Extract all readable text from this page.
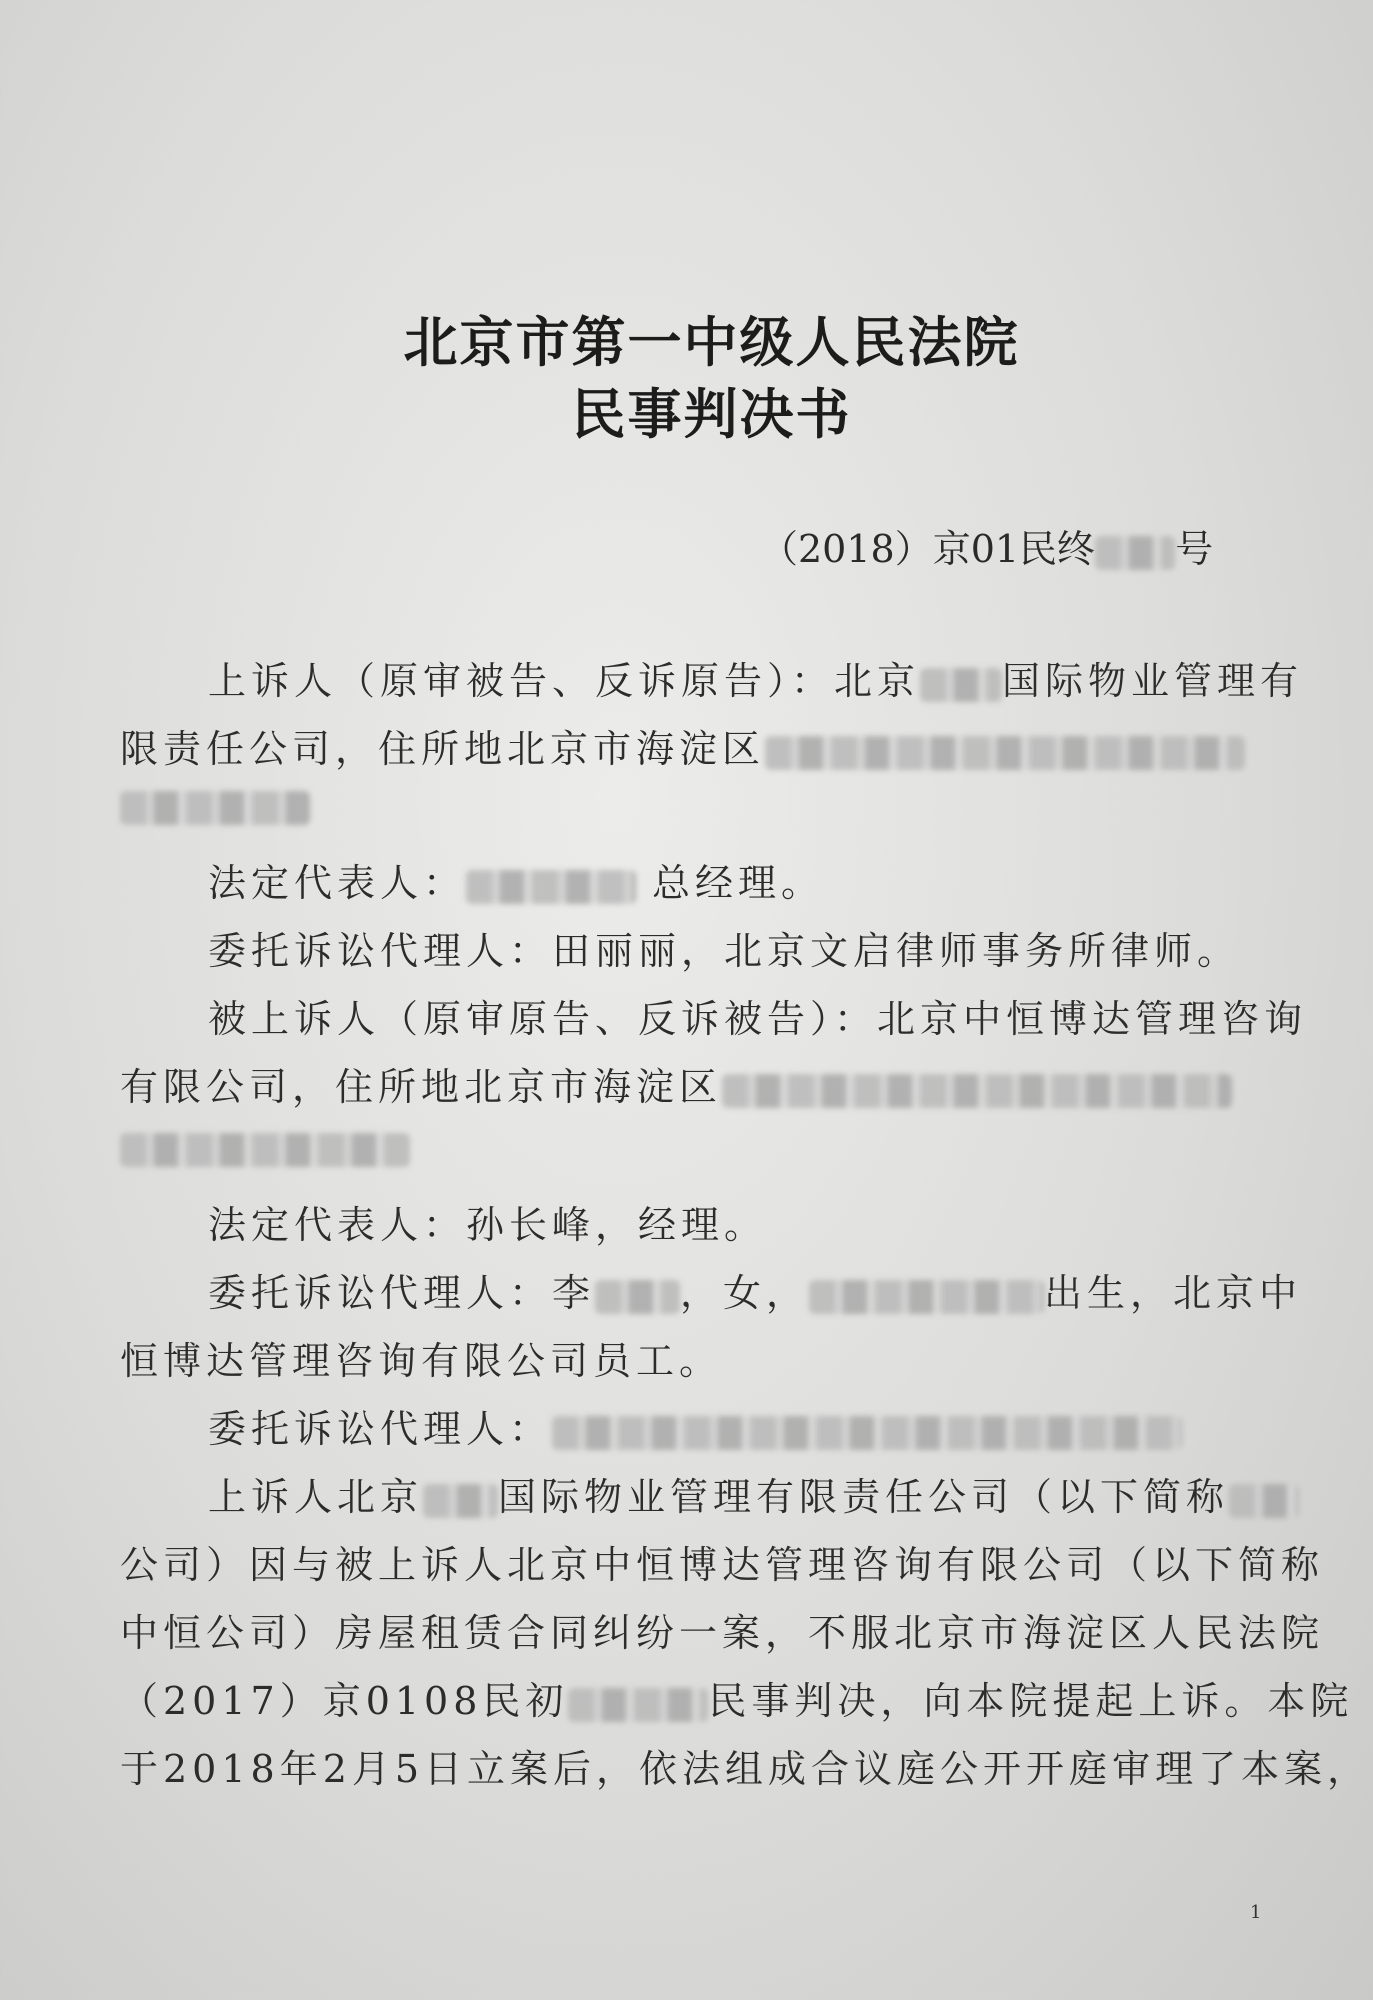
北京市第一中级人民法院
民事判决书
（2018）京01民终 号
上诉人（原审被告、反诉原告）：北京 国际物业管理有
限责任公司，住所地北京市海淀区
法定代表人：	总经理。
委托诉讼代理人：田丽丽，北京文启律师事务所律师。
被上诉人（原审原告、反诉被告）：北京中恒博达管理咨询
有限公司，住所地北京市海淀区
法定代表人：孙长峰，经理。
委托诉讼代理人：李 ，女，	出生，北京中
恒博达管理咨询有限公司员工。
委托诉讼代理人：
上诉人北京 国际物业管理有限责任公司（以下简称
公司）因与被上诉人北京中恒博达管理咨询有限公司（以下简称
中恒公司）房屋租赁合同纠纷一案，不服北京市海淀区人民法院
（2017）京0108民初	民事判决，向本院提起上诉。本院
于2018年2月5日立案后，依法组成合议庭公开开庭审理了本案，
1
